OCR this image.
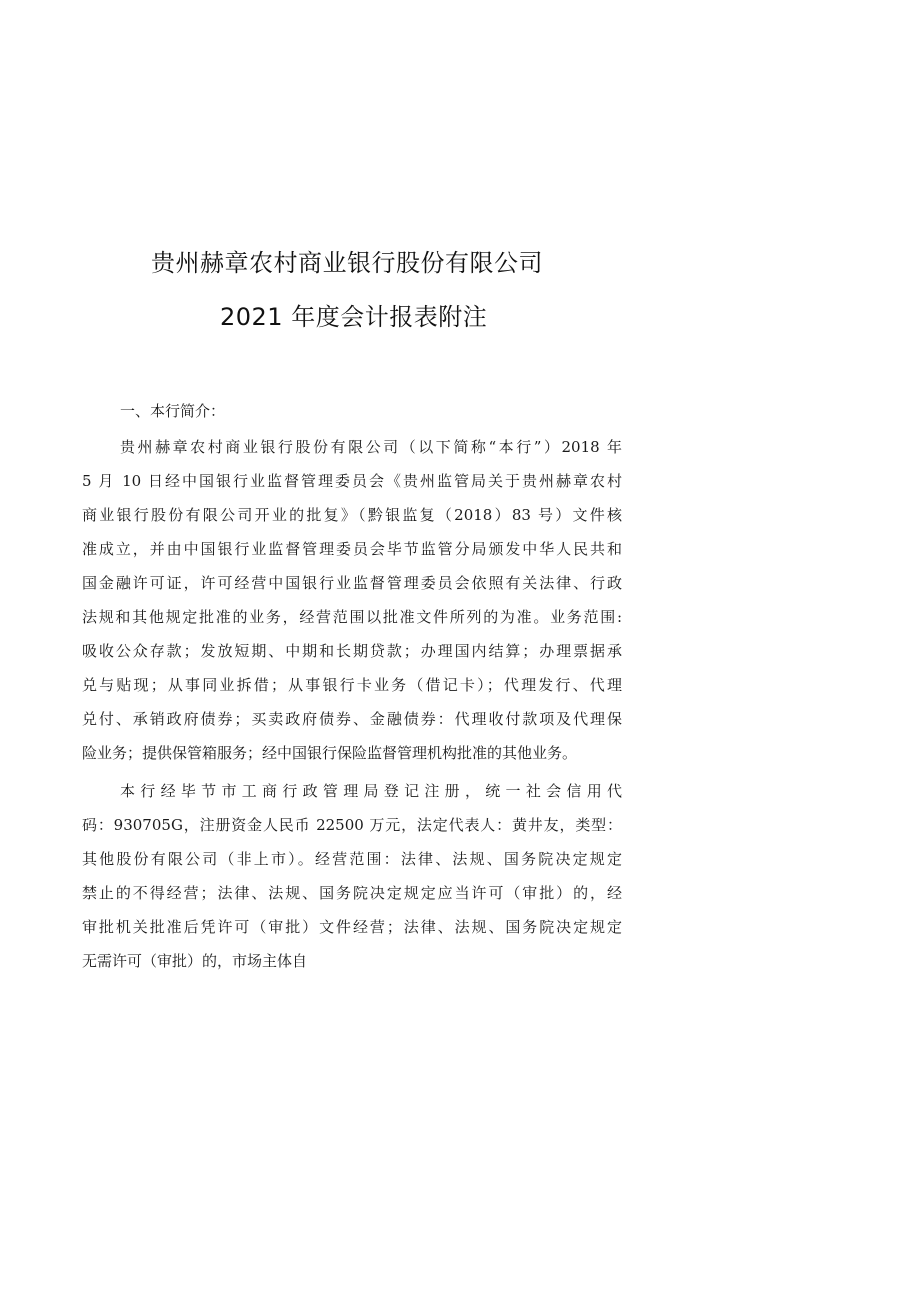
贵州赫章农村商业银行股份有限公司
2021 年度会计报表附注
一、本行简介：
贵州赫章农村商业银行股份有限公司（以下简称“本行”）2018 年
5 月 10 日经中国银行业监督管理委员会《贵州监管局关于贵州赫章农村
商业银行股份有限公司开业的批复》（黔银监复（2018）83 号）文件核
准成立，并由中国银行业监督管理委员会毕节监管分局颁发中华人民共和
国金融许可证，许可经营中国银行业监督管理委员会依照有关法律、行政
法规和其他规定批准的业务，经营范围以批准文件所列的为准。业务范围:
吸收公众存款；发放短期、中期和长期贷款；办理国内结算；办理票据承
兑与贴现；从事同业拆借；从事银行卡业务（借记卡）；代理发行、代理
兑付、承销政府债券；买卖政府债券、金融债券：代理收付款项及代理保
险业务；提供保管箱服务；经中国银行保险监督管理机构批准的其他业务。
本行经毕节市工商行政管理局登记注册，统一社会信用代
码：930705G，注册资金人民币 22500 万元，法定代表人：黄井友，类型：
其他股份有限公司（非上市）。经营范围：法律、法规、国务院决定规定
禁止的不得经营；法律、法规、国务院决定规定应当许可（审批）的，经
审批机关批准后凭许可（审批）文件经营；法律、法规、国务院决定规定
无需许可（审批）的，市场主体自
